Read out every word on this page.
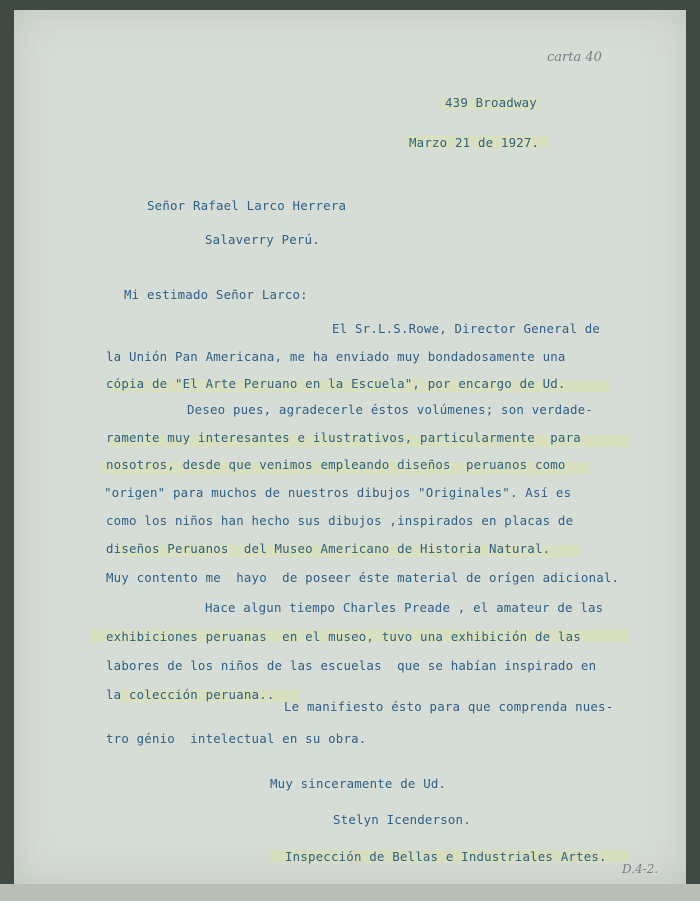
carta 40
439 Broadway
Marzo 21 de 1927.
Señor Rafael Larco Herrera
Salaverry Perú.
Mi estimado Señor Larco:
El Sr.L.S.Rowe, Director General de
la Unión Pan Americana, me ha enviado muy bondadosamente una
cópia de "El Arte Peruano en la Escuela", por encargo de Ud.
Deseo pues, agradecerle éstos volúmenes; son verdade-
ramente muy interesantes e ilustrativos, particularmente  para
nosotros, desde que venimos empleando diseños  peruanos como
"origen" para muchos de nuestros dibujos "Originales". Así es
como los niños han hecho sus dibujos ,inspirados en placas de
diseños Peruanos  del Museo Americano de Historia Natural.
Muy contento me  hayo  de poseer éste material de orígen adicional.
Hace algun tiempo Charles Preade , el amateur de las
exhibiciones peruanas  en el museo, tuvo una exhibición de las
labores de los niños de las escuelas  que se habían inspirado en
la colección peruana..
Le manifiesto ésto para que comprenda nues-
tro génio  intelectual en su obra.
Muy sinceramente de Ud.
Stelyn Icenderson.
Inspección de Bellas e Industriales Artes.
D.4-2.
